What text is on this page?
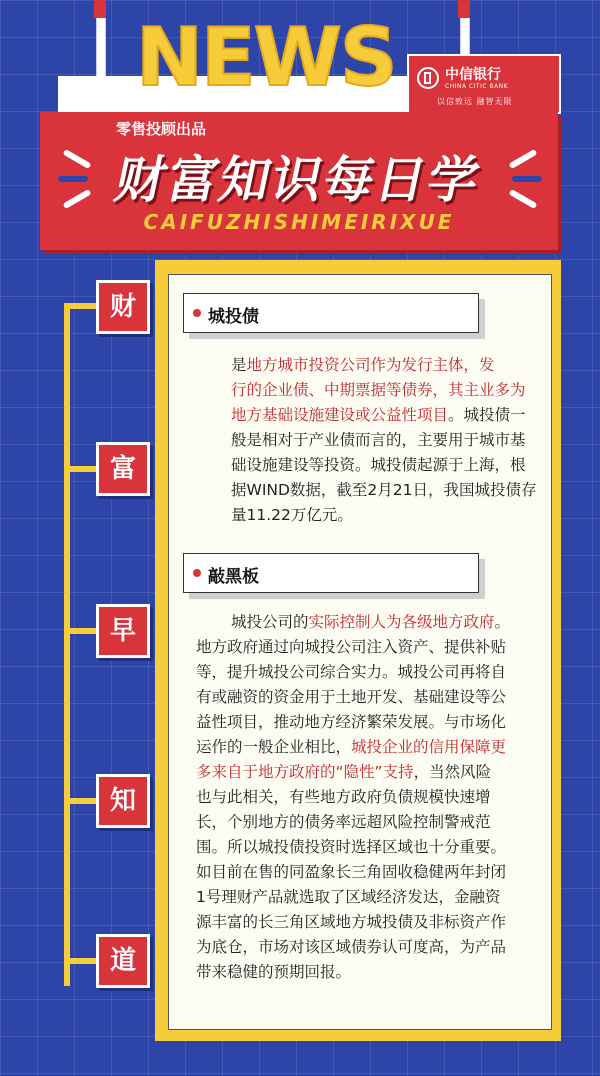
NEWS	中信银行
CHINA CITIC BANK
以信致远 融智无限
零售投顾出品
财富知识每日学
CAIFUZHISHIMEIRIXUE
财
富
早
知
道
城投债
是地方城市投资公司作为发行主体，发
行的企业债、中期票据等债券，其主业多为
地方基础设施建设或公益性项目。城投债一
般是相对于产业债而言的，主要用于城市基
础设施建设等投资。城投债起源于上海，根
据WIND数据，截至2月21日，我国城投债存
量11.22万亿元。
敲黑板
城投公司的实际控制人为各级地方政府。
地方政府通过向城投公司注入资产、提供补贴
等，提升城投公司综合实力。城投公司再将自
有或融资的资金用于土地开发、基础建设等公
益性项目，推动地方经济繁荣发展。与市场化
运作的一般企业相比，城投企业的信用保障更
多来自于地方政府的“隐性”支持，当然风险
也与此相关，有些地方政府负债规模快速增
长，个别地方的债务率远超风险控制警戒范
围。所以城投债投资时选择区域也十分重要。
如目前在售的同盈象长三角固收稳健两年封闭
1号理财产品就选取了区域经济发达，金融资
源丰富的长三角区域地方城投债及非标资产作
为底仓，市场对该区域债券认可度高，为产品
带来稳健的预期回报。
